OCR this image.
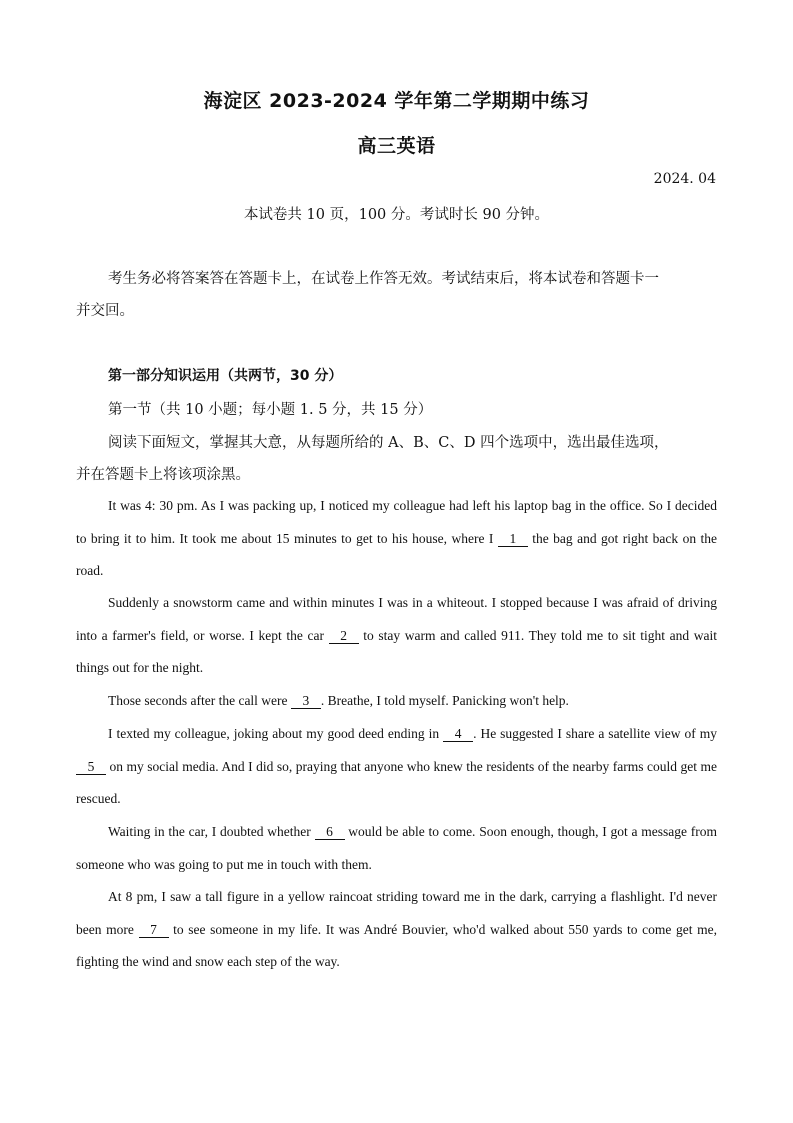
海淀区 2023-2024 学年第二学期期中练习
高三英语
2024. 04
本试卷共 10 页，100 分。考试时长 90 分钟。
考生务必将答案答在答题卡上，在试卷上作答无效。考试结束后，将本试卷和答题卡一
并交回。
第一部分知识运用（共两节，30 分）
第一节（共 10 小题；每小题 1. 5 分，共 15 分）
阅读下面短文，掌握其大意，从每题所给的 A、B、C、D 四个选项中，选出最佳选项，
并在答题卡上将该项涂黑。
It was 4: 30 pm. As I was packing up, I noticed my colleague had left his laptop bag in the office. So I decided to bring it to him. It took me about 15 minutes to get to his house, where I 1 the bag and got right back on the road.
Suddenly a snowstorm came and within minutes I was in a whiteout. I stopped because I was afraid of driving into a farmer's field, or worse. I kept the car 2 to stay warm and called 911. They told me to sit tight and wait things out for the night.
Those seconds after the call were 3 . Breathe, I told myself. Panicking won't help.
I texted my colleague, joking about my good deed ending in 4 . He suggested I share a satellite view of my 5 on my social media. And I did so, praying that anyone who knew the residents of the nearby farms could get me rescued.
Waiting in the car, I doubted whether 6 would be able to come. Soon enough, though, I got a message from someone who was going to put me in touch with them.
At 8 pm, I saw a tall figure in a yellow raincoat striding toward me in the dark, carrying a flashlight. I'd never been more 7 to see someone in my life. It was André Bouvier, who'd walked about 550 yards to come get me, fighting the wind and snow each step of the way.
